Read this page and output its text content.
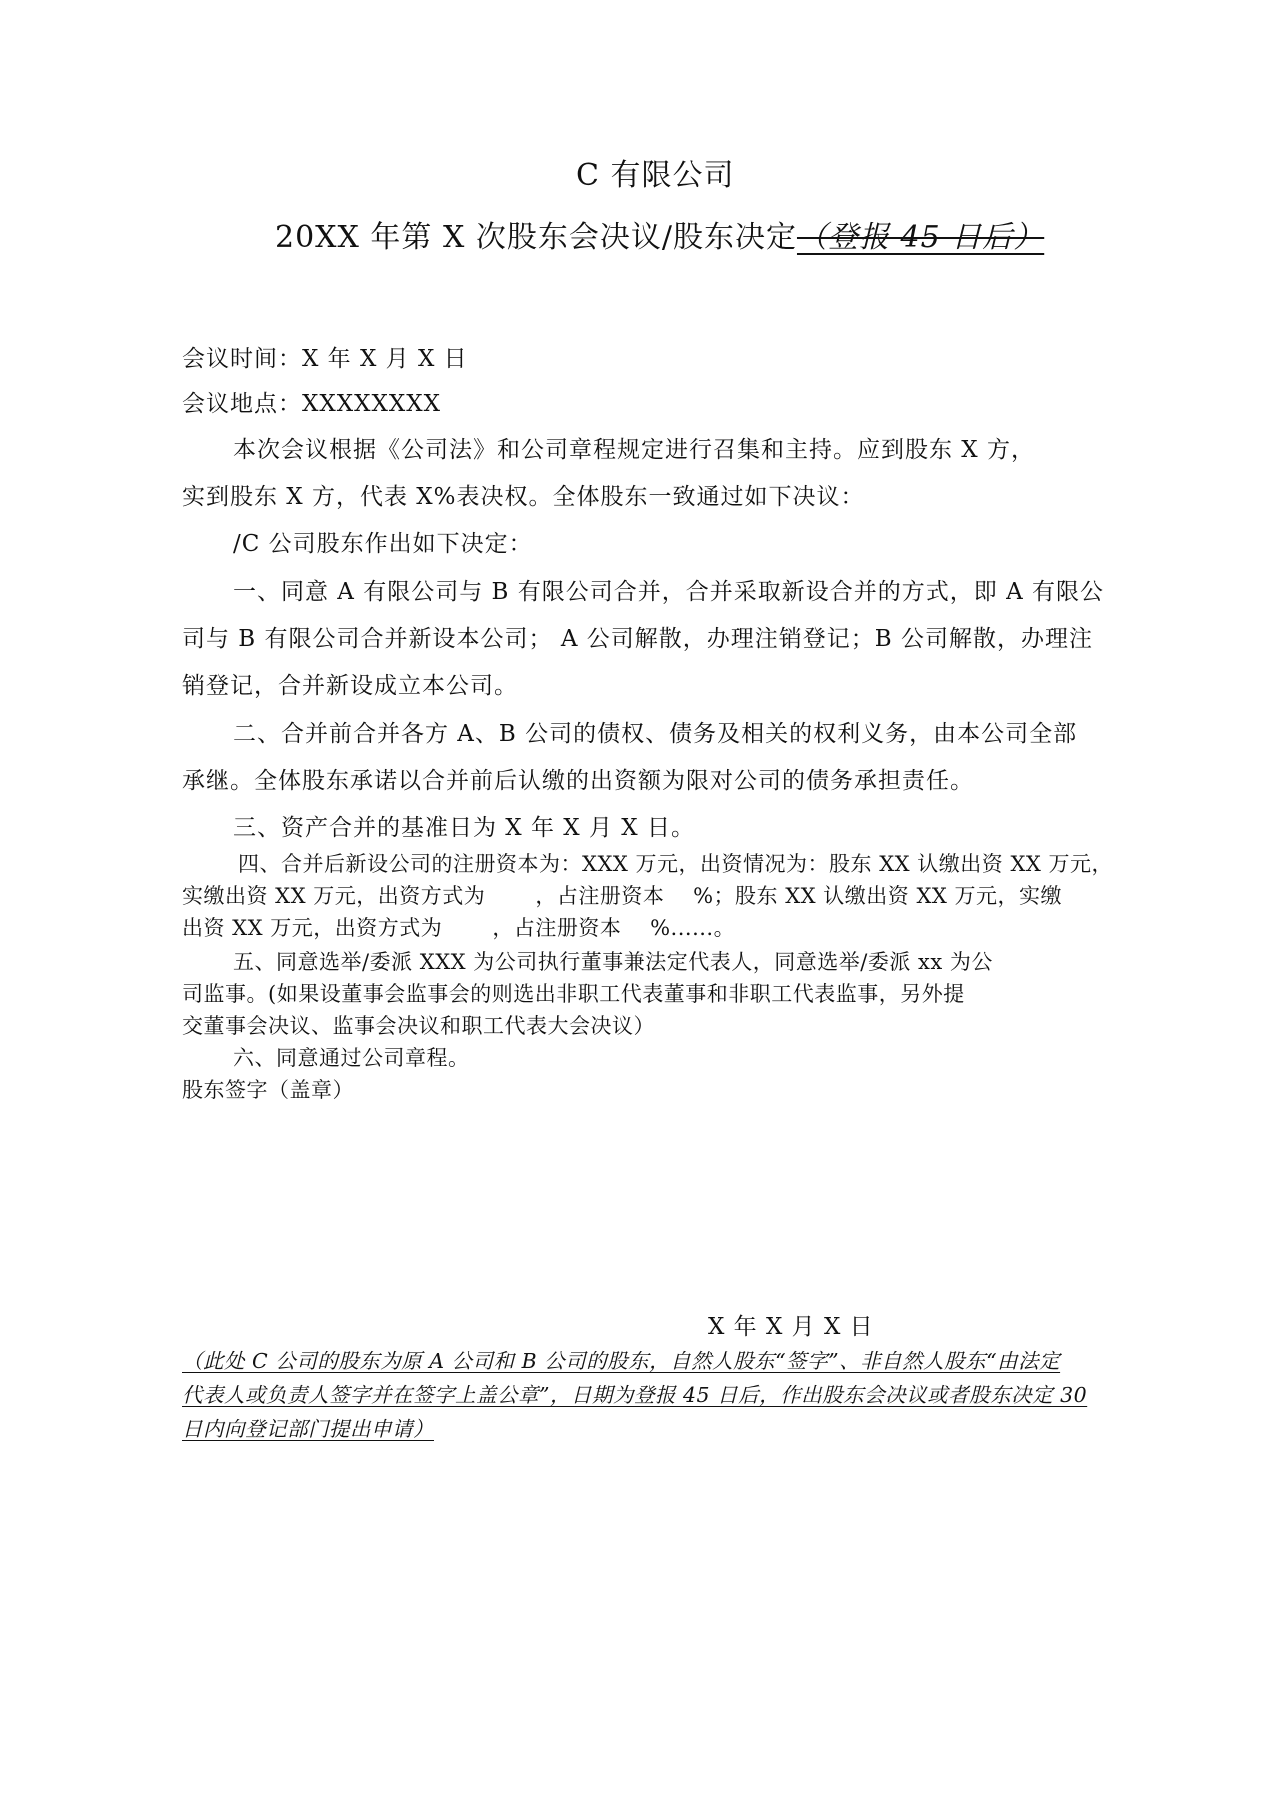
C 有限公司
20XX 年第 X 次股东会决议/股东决定（登报 45 日后）
会议时间：X 年 X 月 X 日
会议地点：XXXXXXXX
本次会议根据《公司法》和公司章程规定进行召集和主持。应到股东 X 方，
实到股东 X 方，代表 X%表决权。全体股东一致通过如下决议：
/C 公司股东作出如下决定：
一、同意 A 有限公司与 B 有限公司合并，合并采取新设合并的方式，即 A 有限公
司与 B 有限公司合并新设本公司； A 公司解散，办理注销登记；B 公司解散，办理注
销登记，合并新设成立本公司。
二、合并前合并各方 A、B 公司的债权、债务及相关的权利义务，由本公司全部
承继。全体股东承诺以合并前后认缴的出资额为限对公司的债务承担责任。
三、资产合并的基准日为 X 年 X 月 X 日。
四、合并后新设公司的注册资本为：XXX 万元，出资情况为：股东 XX 认缴出资 XX 万元，
实缴出资 XX 万元，出资方式为　　 ，占注册资本　 %；股东 XX 认缴出资 XX 万元，实缴
出资 XX 万元，出资方式为　　 ，占注册资本　 %......。
五、同意选举/委派 XXX 为公司执行董事兼法定代表人，同意选举/委派 xx 为公
司监事。(如果设董事会监事会的则选出非职工代表董事和非职工代表监事，另外提
交董事会决议、监事会决议和职工代表大会决议）
六、同意通过公司章程。
股东签字（盖章）
X 年 X 月 X 日
（此处 C 公司的股东为原 A 公司和 B 公司的股东，自然人股东“签字”、非自然人股东“由法定
代表人或负责人签字并在签字上盖公章”，日期为登报 45 日后，作出股东会决议或者股东决定 30
日内向登记部门提出申请）
